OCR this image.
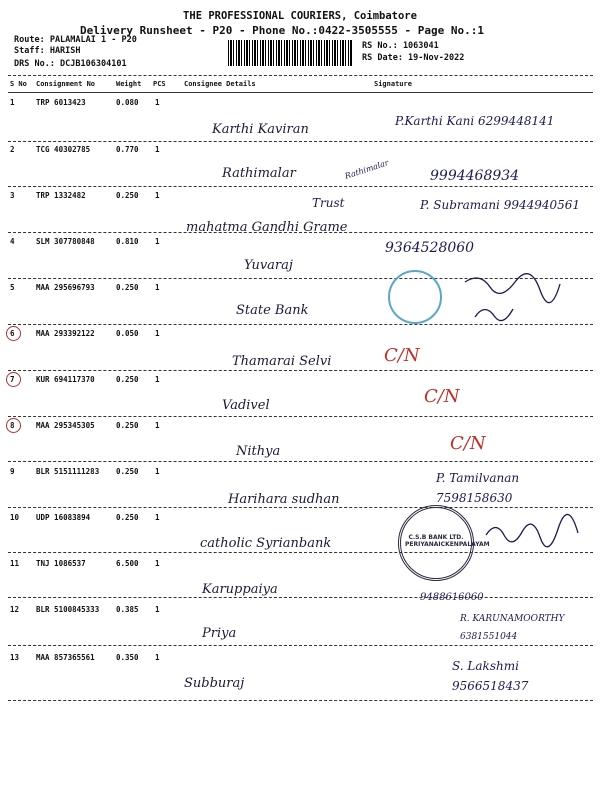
THE PROFESSIONAL COURIERS, Coimbatore
Delivery Runsheet - P20 - Phone No.:0422-3505555 - Page No.:1
Route: PALAMALAI 1 - P20
Staff: HARISH
DRS No.: DCJB106304101
RS No.: 1063041
RS Date: 19-Nov-2022
S No Consignment No	Weight PCS	Consignee Details	Signature
1	TRP 6013423	0.080 1
Karthi Kaviran
P.Karthi Kani 6299448141
2	TCG 40302785	0.770 1
Rathimalar	Rathimalar	9994468934
3	TRP 1332482	0.250 1
Trust
mahatma Gandhi Grame
P. Subramani 9944940561
4	SLM 307780848	0.810 1
Yuvaraj
9364528060
5	MAA 295696793	0.250 1
State Bank
6	MAA 293392122	0.050 1
Thamarai Selvi	C/N
7	KUR 694117370	0.250 1
Vadivel	C/N
8	MAA 295345305	0.250 1
Nithya	C/N
9	BLR 5151111283 0.250 1
Harihara sudhan
P. Tamilvanan 7598158630
10 UDP 16083894	0.250 1
catholic Syrianbank	C.S.B BANK LTD. PERIYANAICKENPALAYAM
11 TNJ 1086537	6.500 1
Karuppaiya
9488616060
12 BLR 5100845333 0.385 1
Priya
R. KARUNAMOORTHY 6381551044
13 MAA 857365561	0.350 1
Subburaj
S. Lakshmi 9566518437
